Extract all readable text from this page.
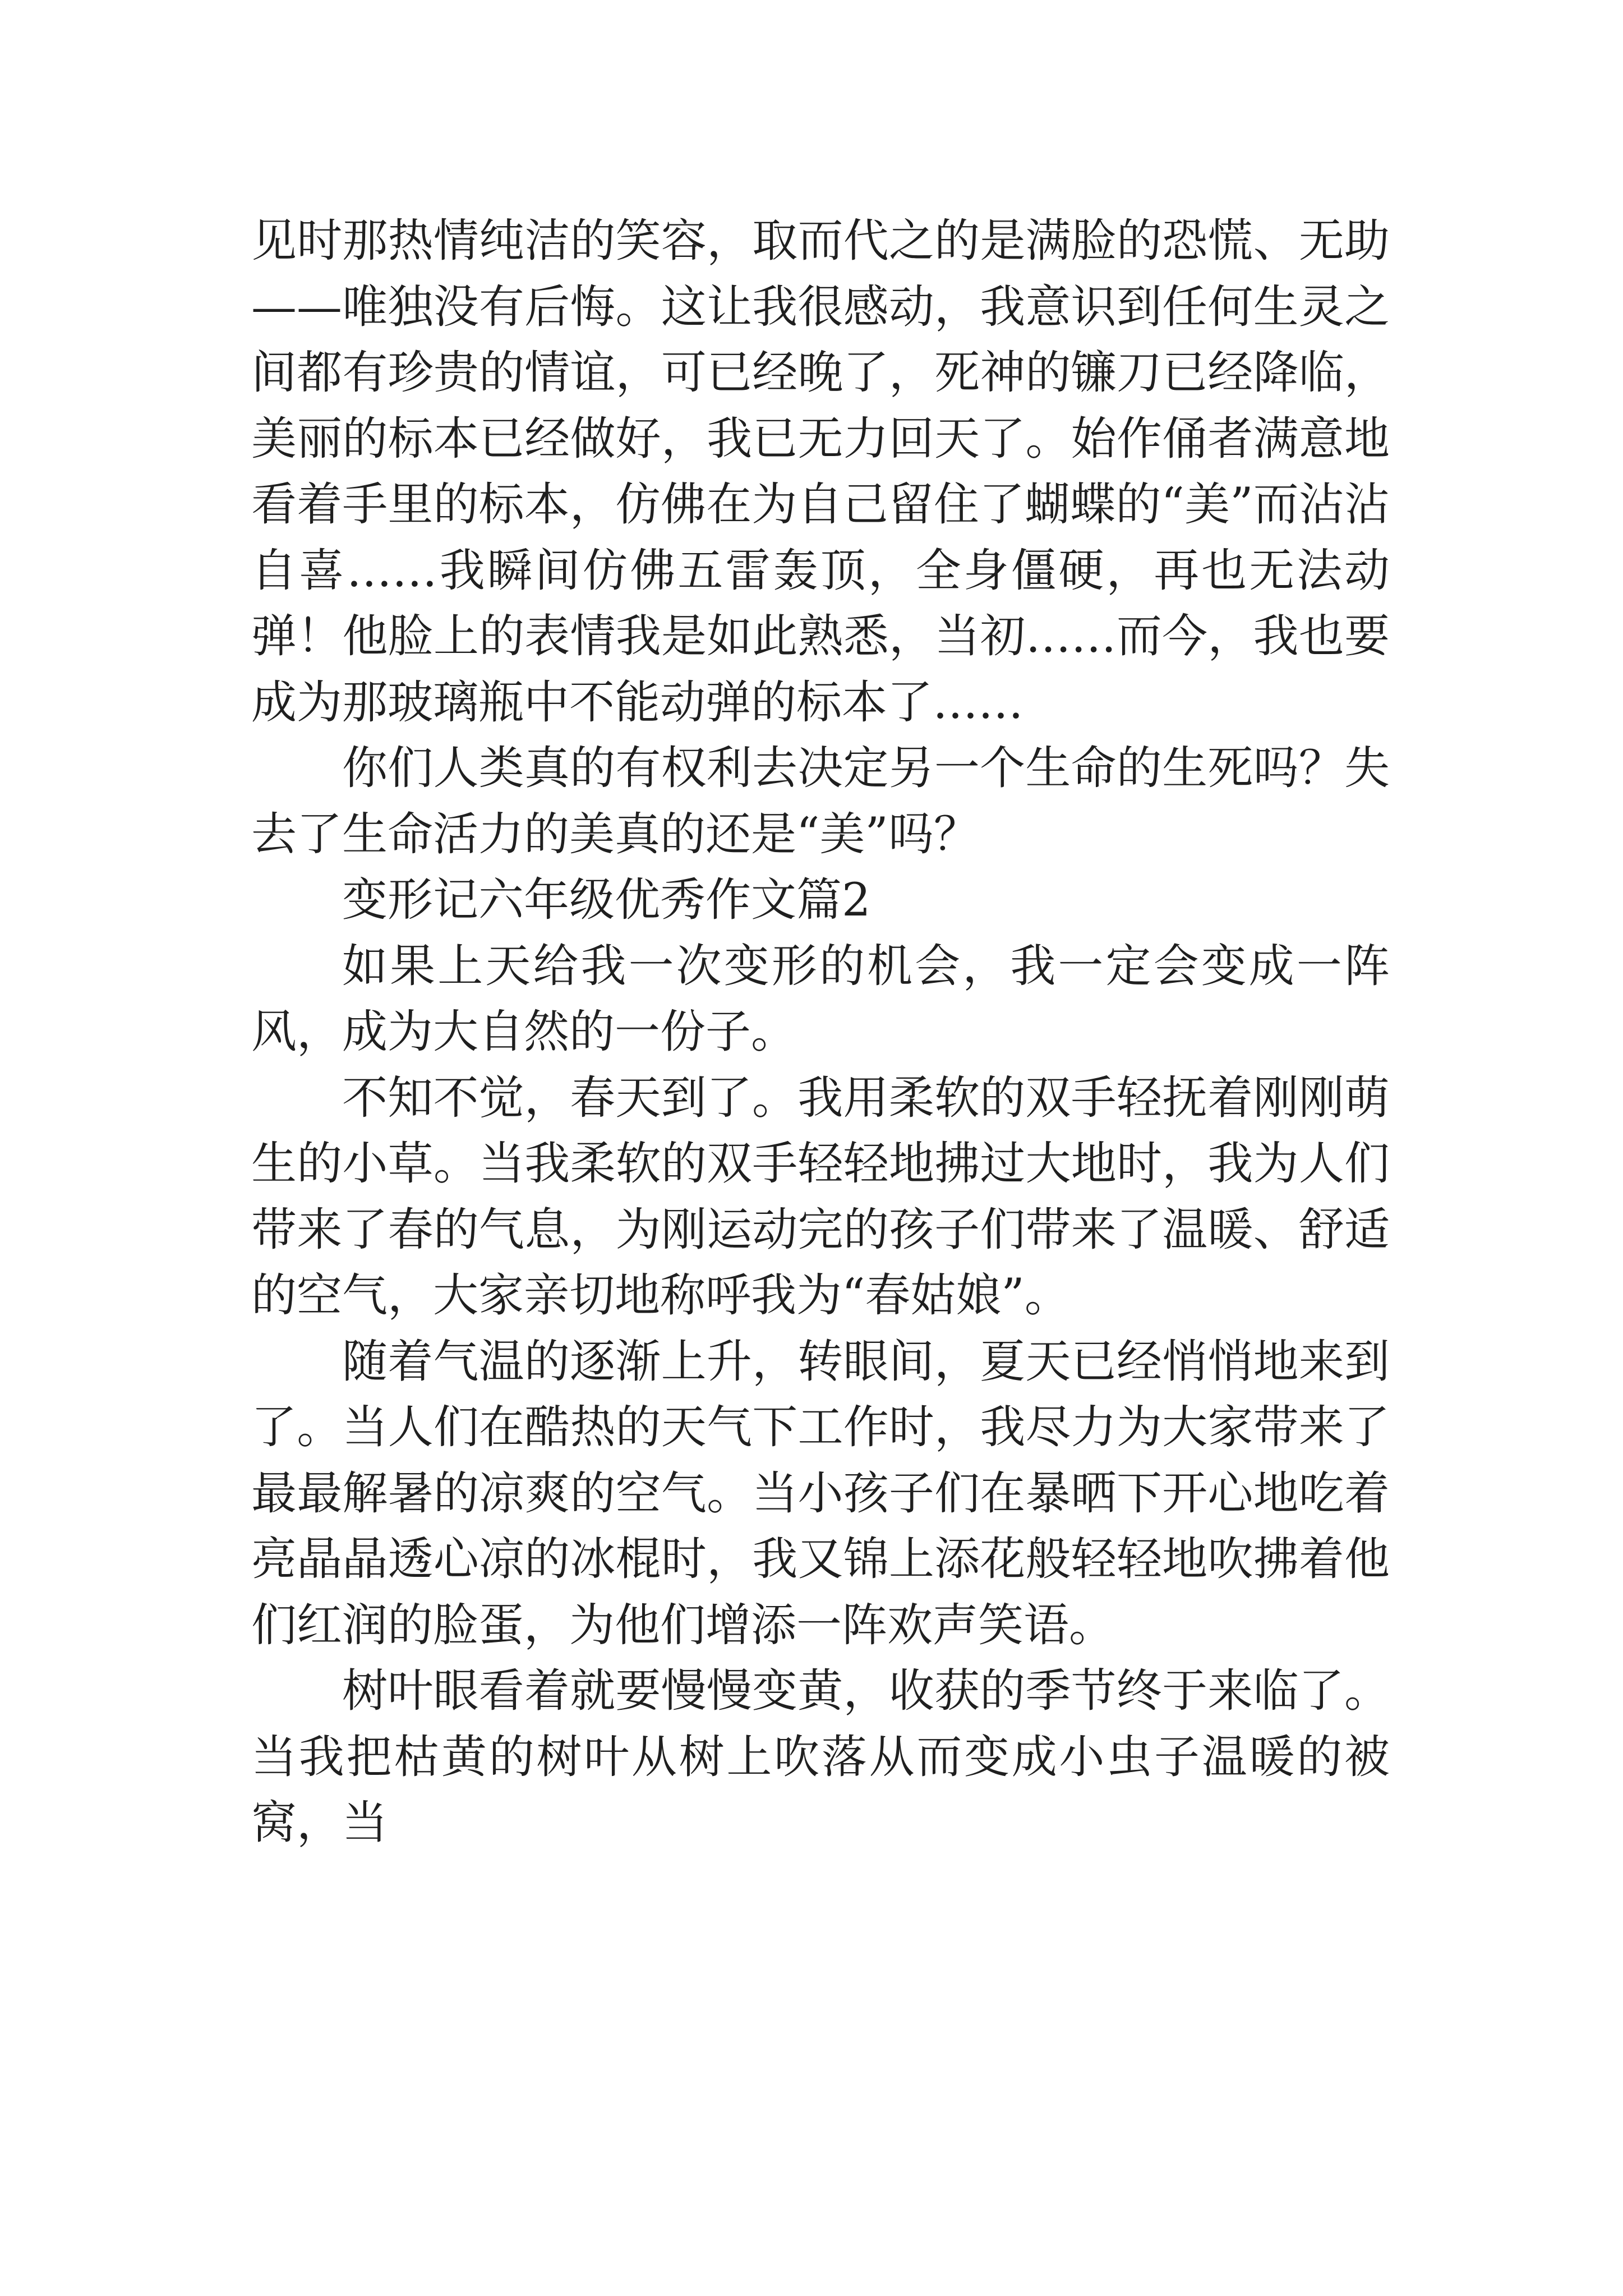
见时那热情纯洁的笑容，取而代之的是满脸的恐慌、无助——唯独没有后悔。这让我很感动，我意识到任何生灵之间都有珍贵的情谊，可已经晚了，死神的镰刀已经降临，美丽的标本已经做好，我已无力回天了。始作俑者满意地看着手里的标本，仿佛在为自己留住了蝴蝶的“美”而沾沾自喜……我瞬间仿佛五雷轰顶，全身僵硬，再也无法动弹！他脸上的表情我是如此熟悉，当初……而今，我也要成为那玻璃瓶中不能动弹的标本了……

你们人类真的有权利去决定另一个生命的生死吗？失去了生命活力的美真的还是“美”吗？

变形记六年级优秀作文篇2

如果上天给我一次变形的机会，我一定会变成一阵风，成为大自然的一份子。

不知不觉，春天到了。我用柔软的双手轻抚着刚刚萌生的小草。当我柔软的双手轻轻地拂过大地时，我为人们带来了春的气息，为刚运动完的孩子们带来了温暖、舒适的空气，大家亲切地称呼我为“春姑娘”。

随着气温的逐渐上升，转眼间，夏天已经悄悄地来到了。当人们在酷热的天气下工作时，我尽力为大家带来了最最解暑的凉爽的空气。当小孩子们在暴晒下开心地吃着亮晶晶透心凉的冰棍时，我又锦上添花般轻轻地吹拂着他们红润的脸蛋，为他们增添一阵欢声笑语。

树叶眼看着就要慢慢变黄，收获的季节终于来临了。当我把枯黄的树叶从树上吹落从而变成小虫子温暖的被窝，当
